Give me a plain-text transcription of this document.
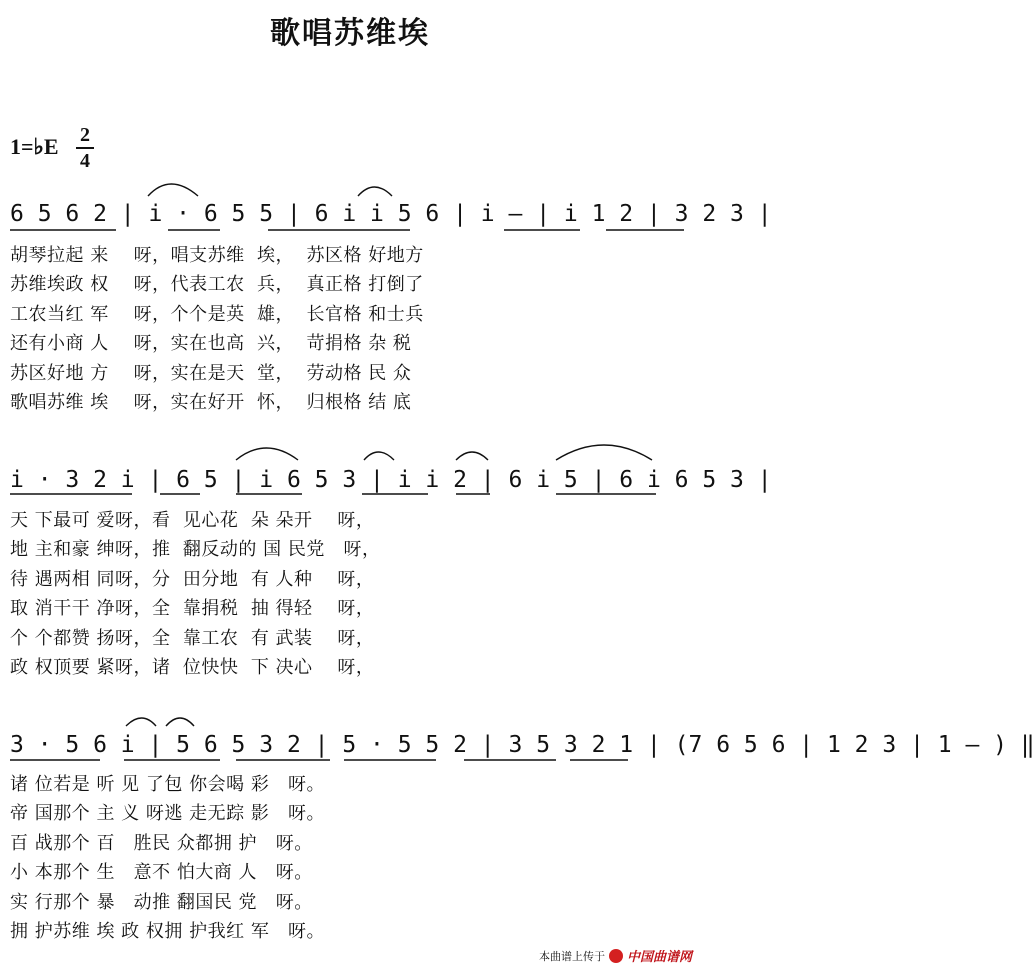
歌唱苏维埃
1=♭E 2
4
6 5 6 2 | i · 6 5 5 | 6 i i 5 6 | i – | i 1 2 | 3 2 3 |
胡琴拉起 来    呀，唱支苏维  埃，  苏区格 好地方
苏维埃政 权    呀，代表工农  兵，  真正格 打倒了
工农当红 军    呀，个个是英  雄，  长官格 和士兵
还有小商 人    呀，实在也高  兴，  苛捐格 杂 税
苏区好地 方    呀，实在是天  堂，  劳动格 民 众
歌唱苏维 埃    呀，实在好开  怀，  归根格 结 底
i · 3 2 i | 6 5 | i 6 5 3 | i i 2 | 6 i 5 | 6 i 6 5 3 |
天 下最可 爱呀，看  见心花  朵 朵开    呀，
地 主和豪 绅呀，推  翻反动的 国 民党   呀，
待 遇两相 同呀，分  田分地  有 人种    呀，
取 消干干 净呀，全  靠捐税  抽 得轻    呀，
个 个都赞 扬呀，全  靠工农  有 武装    呀，
政 权顶要 紧呀，诸  位快快  下 决心    呀，
3 · 5 6 i | 5 6 5 3 2 | 5 · 5 5 2 | 3 5 3 2 1 | (7 6 5 6 | 1 2 3 | 1 – ) ‖
诸 位若是 听 见 了包 你会喝 彩   呀。
帝 国那个 主 义 呀逃 走无踪 影   呀。
百 战那个 百   胜民 众都拥 护   呀。
小 本那个 生   意不 怕大商 人   呀。
实 行那个 暴   动推 翻国民 党   呀。
拥 护苏维 埃 政 权拥 护我红 军   呀。
本曲谱上传于 中国曲谱网
